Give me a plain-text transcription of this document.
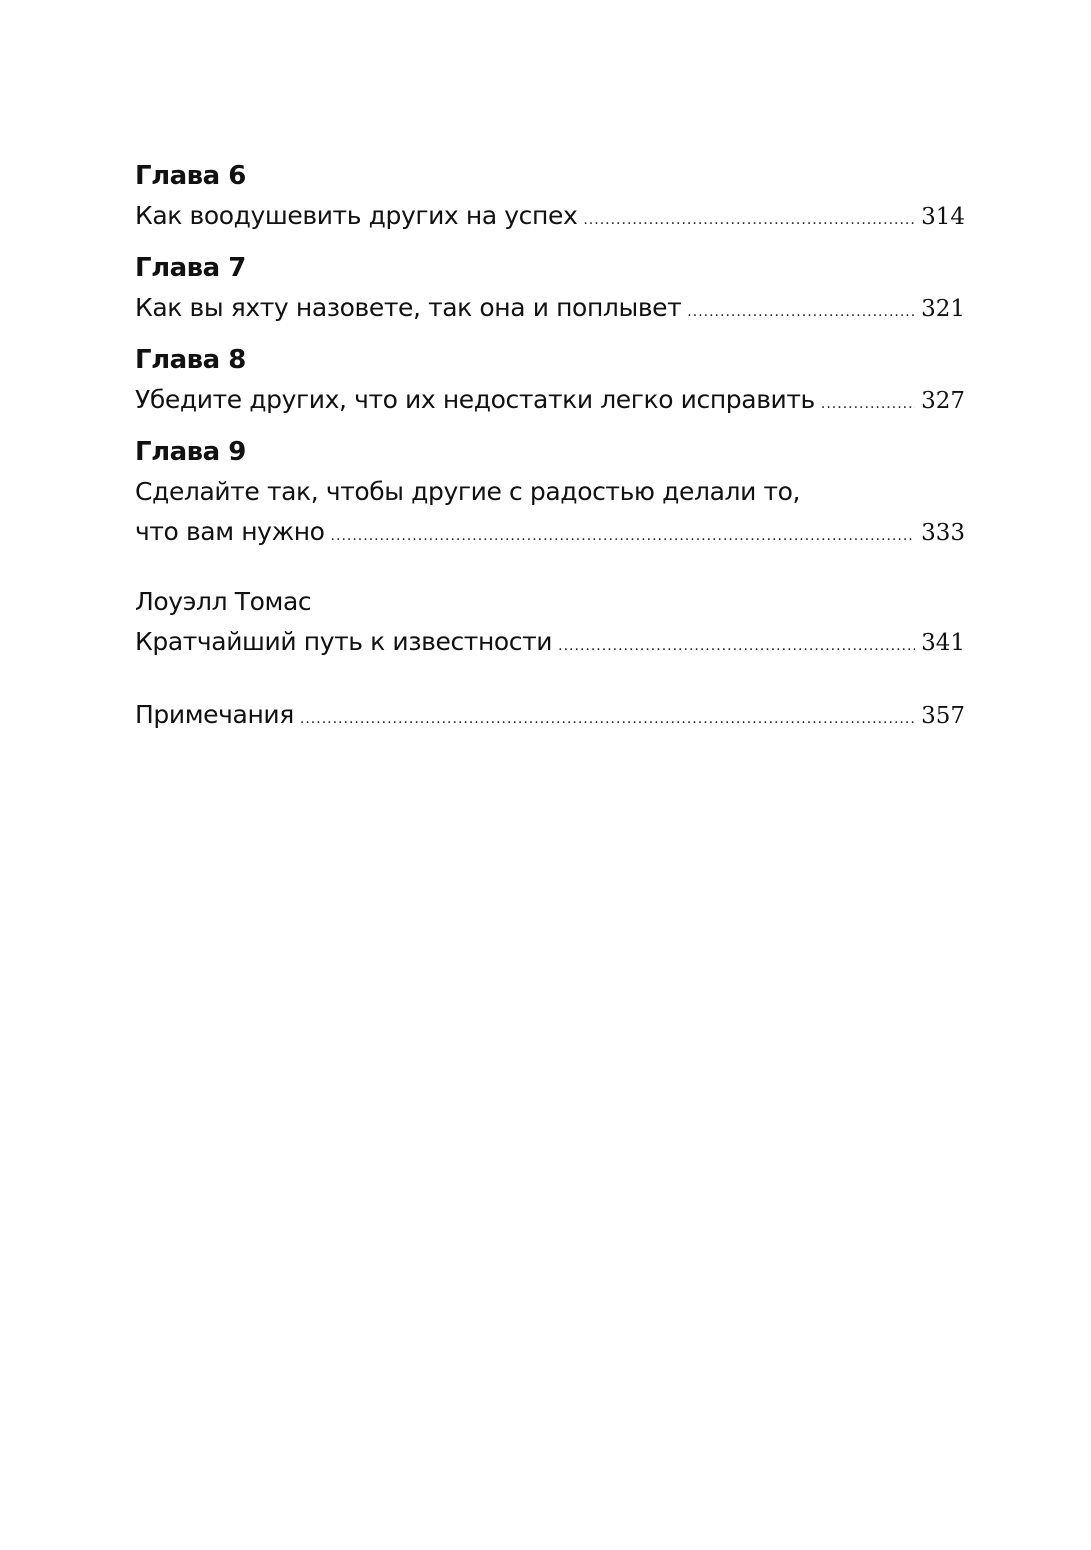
Глава 6
Как воодушевить других на успех .....	314
Глава 7
Как вы яхту назовете, так она и поплывет .....	321
Глава 8
Убедите других, что их недостатки легко исправить .....	327
Глава 9
Сделайте так, чтобы другие с радостью делали то,
что вам нужно .....	333
Лоуэлл Томас
Кратчайший путь к известности .....	341
Примечания .....	357
